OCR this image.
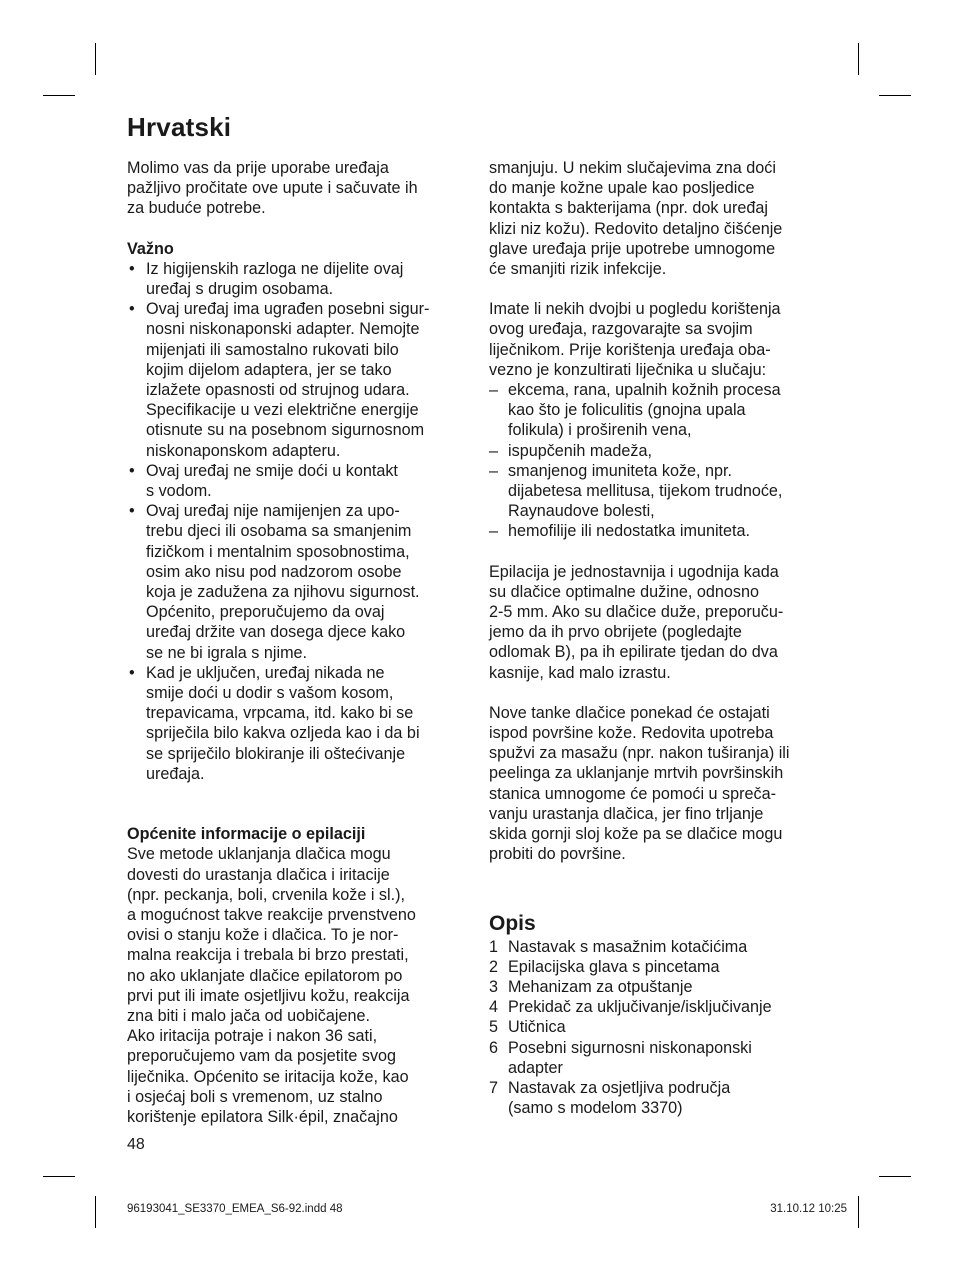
Hrvatski

Molimo vas da prije uporabe uređaja
pažljivo pročitate ove upute i sačuvate ih
za buduće potrebe.

Važno

• Iz higijenskih razloga ne dijelite ovaj
uređaj s drugim osobama.
• Ovaj uređaj ima ugrađen posebni sigur-
nosni niskonaponski adapter. Nemojte
mijenjati ili samostalno rukovati bilo
kojim dijelom adaptera, jer se tako
izlažete opasnosti od strujnog udara.
Specifikacije u vezi električne energije
otisnute su na posebnom sigurnosnom
niskonaponskom adapteru.
• Ovaj uređaj ne smije doći u kontakt
s vodom.
• Ovaj uređaj nije namijenjen za upo-
trebu djeci ili osobama sa smanjenim
fizičkom i mentalnim sposobnostima,
osim ako nisu pod nadzorom osobe
koja je zadužena za njihovu sigurnost.
Općenito, preporučujemo da ovaj
uređaj držite van dosega djece kako
se ne bi igrala s njime.
• Kad je uključen, uređaj nikada ne
smije doći u dodir s vašom kosom,
trepavicama, vrpcama, itd. kako bi se
spriječila bilo kakva ozljeda kao i da bi
se spriječilo blokiranje ili oštećivanje
uređaja.

Općenite informacije o epilaciji

Sve metode uklanjanja dlačica mogu
dovesti do urastanja dlačica i iritacije
(npr. peckanja, boli, crvenila kože i sl.),
a mogućnost takve reakcije prvenstveno
ovisi o stanju kože i dlačica. To je nor-
malna reakcija i trebala bi brzo prestati,
no ako uklanjate dlačice epilatorom po
prvi put ili imate osjetljivu kožu, reakcija
zna biti i malo jača od uobičajene.
Ako iritacija potraje i nakon 36 sati,
preporučujemo vam da posjetite svog
liječnika. Općenito se iritacija kože, kao
i osjećaj boli s vremenom, uz stalno
korištenje epilatora Silk·épil, značajno

smanjuju. U nekim slučajevima zna doći
do manje kožne upale kao posljedice
kontakta s bakterijama (npr. dok uređaj
klizi niz kožu). Redovito detaljno čišćenje
glave uređaja prije upotrebe umnogome
će smanjiti rizik infekcije.

Imate li nekih dvojbi u pogledu korištenja
ovog uređaja, razgovarajte sa svojim
liječnikom. Prije korištenja uređaja oba-
vezno je konzultirati liječnika u slučaju:

– ekcema, rana, upalnih kožnih procesa
kao što je foliculitis (gnojna upala
folikula) i proširenih vena,
– ispupčenih madeža,
– smanjenog imuniteta kože, npr.
dijabetesa mellitusa, tijekom trudnoće,
Raynaudove bolesti,
– hemofilije ili nedostatka imuniteta.

Epilacija je jednostavnija i ugodnija kada
su dlačice optimalne dužine, odnosno
2-5 mm. Ako su dlačice duže, preporuču-
jemo da ih prvo obrijete (pogledajte
odlomak B), pa ih epilirate tjedan do dva
kasnije, kad malo izrastu.

Nove tanke dlačice ponekad će ostajati
ispod površine kože. Redovita upotreba
spužvi za masažu (npr. nakon tuširanja) ili
peelinga za uklanjanje mrtvih površinskih
stanica umnogome će pomoći u spreča-
vanju urastanja dlačica, jer fino trljanje
skida gornji sloj kože pa se dlačice mogu
probiti do površine.

Opis
1 Nastavak s masažnim kotačićima
2 Epilacijska glava s pincetama
3 Mehanizam za otpuštanje
4 Prekidač za uključivanje/isključivanje
5 Utičnica
6 Posebni sigurnosni niskonaponski
adapter
7 Nastavak za osjetljiva područja
(samo s modelom 3370)
48
96193041_SE3370_EMEA_S6-92.indd 48	31.10.12 10:25
